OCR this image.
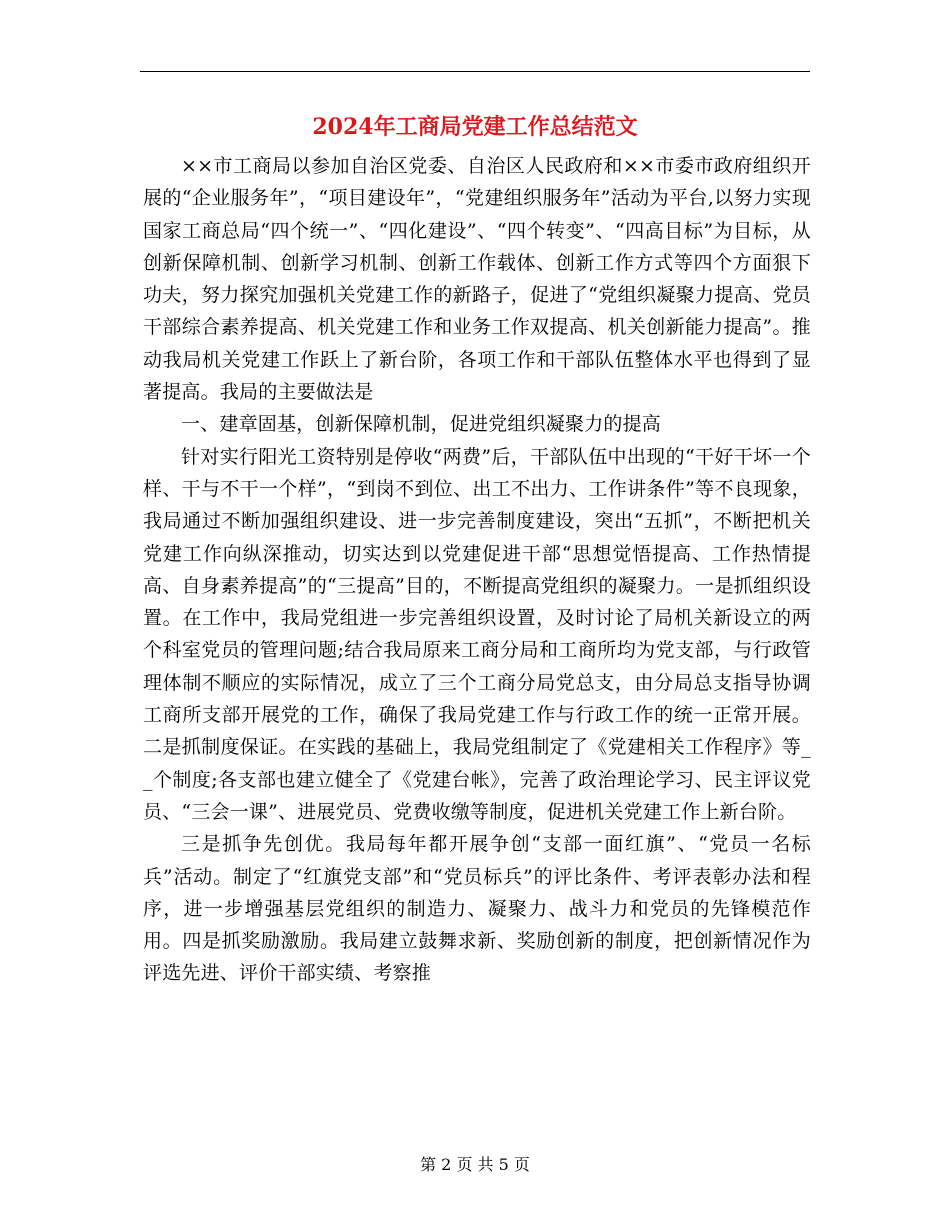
2024年工商局党建工作总结范文

××市工商局以参加自治区党委、自治区人民政府和××市委市政府组织开展的“企业服务年”，“项目建设年”，“党建组织服务年”活动为平台,以努力实现国家工商总局“四个统一”、“四化建设”、“四个转变”、“四高目标”为目标，从创新保障机制、创新学习机制、创新工作载体、创新工作方式等四个方面狠下功夫，努力探究加强机关党建工作的新路子，促进了“党组织凝聚力提高、党员干部综合素养提高、机关党建工作和业务工作双提高、机关创新能力提高”。推动我局机关党建工作跃上了新台阶，各项工作和干部队伍整体水平也得到了显著提高。我局的主要做法是

一、建章固基，创新保障机制，促进党组织凝聚力的提高

针对实行阳光工资特别是停收“两费”后，干部队伍中出现的“干好干坏一个样、干与不干一个样”，“到岗不到位、出工不出力、工作讲条件”等不良现象，我局通过不断加强组织建设、进一步完善制度建设，突出“五抓”，不断把机关党建工作向纵深推动，切实达到以党建促进干部“思想觉悟提高、工作热情提高、自身素养提高”的“三提高”目的，不断提高党组织的凝聚力。一是抓组织设置。在工作中，我局党组进一步完善组织设置，及时讨论了局机关新设立的两个科室党员的管理问题;结合我局原来工商分局和工商所均为党支部，与行政管理体制不顺应的实际情况，成立了三个工商分局党总支，由分局总支指导协调工商所支部开展党的工作，确保了我局党建工作与行政工作的统一正常开展。二是抓制度保证。在实践的基础上，我局党组制定了《党建相关工作程序》等__个制度;各支部也建立健全了《党建台帐》，完善了政治理论学习、民主评议党员、“三会一课”、进展党员、党费收缴等制度，促进机关党建工作上新台阶。

三是抓争先创优。我局每年都开展争创“支部一面红旗”、“党员一名标兵”活动。制定了“红旗党支部”和“党员标兵”的评比条件、考评表彰办法和程序，进一步增强基层党组织的制造力、凝聚力、战斗力和党员的先锋模范作用。四是抓奖励激励。我局建立鼓舞求新、奖励创新的制度，把创新情况作为评选先进、评价干部实绩、考察推

第 2 页 共 5 页
